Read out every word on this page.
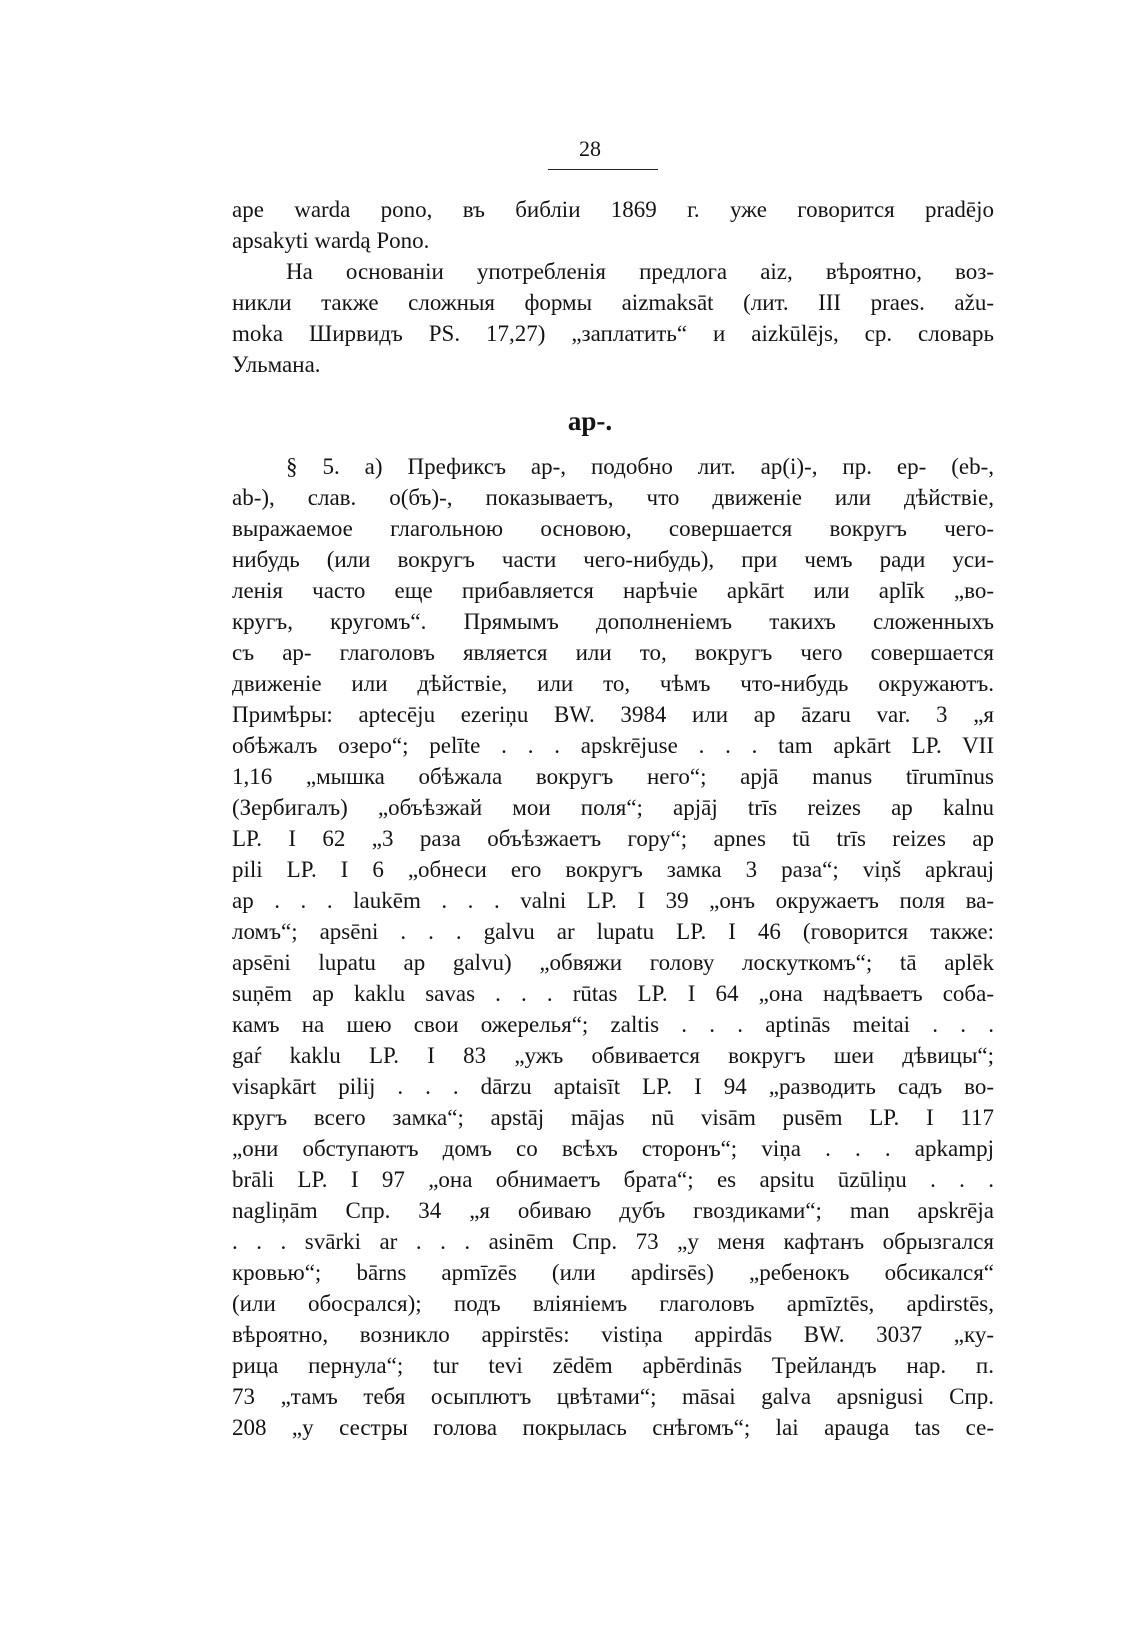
28
ape warda pono, въ библіи 1869 г. уже говорится pradējo
apsakyti wardą Pono.
На основаніи употребленія предлога aiz, вѣроятно, воз-
никли также сложныя формы aizmaksāt (лит. III praes. ažu-
moka Ширвидъ PS. 17,27) „заплатить“ и aizkūlējs, ср. словарь
Ульмана.
ap-.
§ 5. a) Префиксъ ap-, подобно лит. ap(i)-, пр. ep- (eb-,
ab-), слав. о(бъ)-, показываетъ, что движеніе или дѣйствіе,
выражаемое глагольною основою, совершается вокругъ чего-
нибудь (или вокругъ части чего-нибудь), при чемъ ради уси-
ленія часто еще прибавляется нарѣчіе apkārt или aplīk „во-
кругъ, кругомъ“. Прямымъ дополненіемъ такихъ сложенныхъ
съ ap- глаголовъ является или то, вокругъ чего совершается
движеніе или дѣйствіе, или то, чѣмъ что-нибудь окружаютъ.
Примѣры: aptecēju ezeriņu BW. 3984 или ap āzaru var. 3 „я
обѣжалъ озеро“; pelīte . . . apskrējuse . . . tam apkārt LP. VII
1,16 „мышка обѣжала вокругъ него“; apjā manus tīrumīnus
(Зербигалъ) „объѣзжай мои поля“; apjāj trīs reizes ap kalnu
LP. I 62 „3 раза объѣзжаетъ гору“; apnes tū trīs reizes ap
pili LP. I 6 „обнеси его вокругъ замка 3 раза“; viņš apkrauj
ap . . . laukēm . . . valni LP. I 39 „онъ окружаетъ поля ва-
ломъ“; apsēni . . . galvu ar lupatu LP. I 46 (говорится также:
apsēni lupatu ap galvu) „обвяжи голову лоскуткомъ“; tā aplēk
suņēm ap kaklu savas . . . rūtas LP. I 64 „она надѣваетъ соба-
камъ на шею свои ожерелья“; zaltis . . . aptinās meitai . . .
gaŕ kaklu LP. I 83 „ужъ обвивается вокругъ шеи дѣвицы“;
visapkārt pilij . . . dārzu aptaisīt LP. I 94 „разводить садъ во-
кругъ всего замка“; apstāj mājas nū visām pusēm LP. I 117
„они обступаютъ домъ со всѣхъ сторонъ“; viņa . . . apkampj
brāli LP. I 97 „она обнимаетъ брата“; es apsitu ūzūliņu . . .
nagliņām Спр. 34 „я обиваю дубъ гвоздиками“; man apskrēja
. . . svārki ar . . . asinēm Спр. 73 „у меня кафтанъ обрызгался
кровью“; bārns apmīzēs (или apdirsēs) „ребенокъ обсикался“
(или обосрался); подъ вліяніемъ глаголовъ apmīztēs, apdirstēs,
вѣроятно, возникло appirstēs: vistiņa appirdās BW. 3037 „ку-
рица пернула“; tur tevi zēdēm apbērdinās Трейландъ нар. п.
73 „тамъ тебя осыплютъ цвѣтами“; māsai galva apsnigusi Спр.
208 „у сестры голова покрылась снѣгомъ“; lai apauga tas се-
